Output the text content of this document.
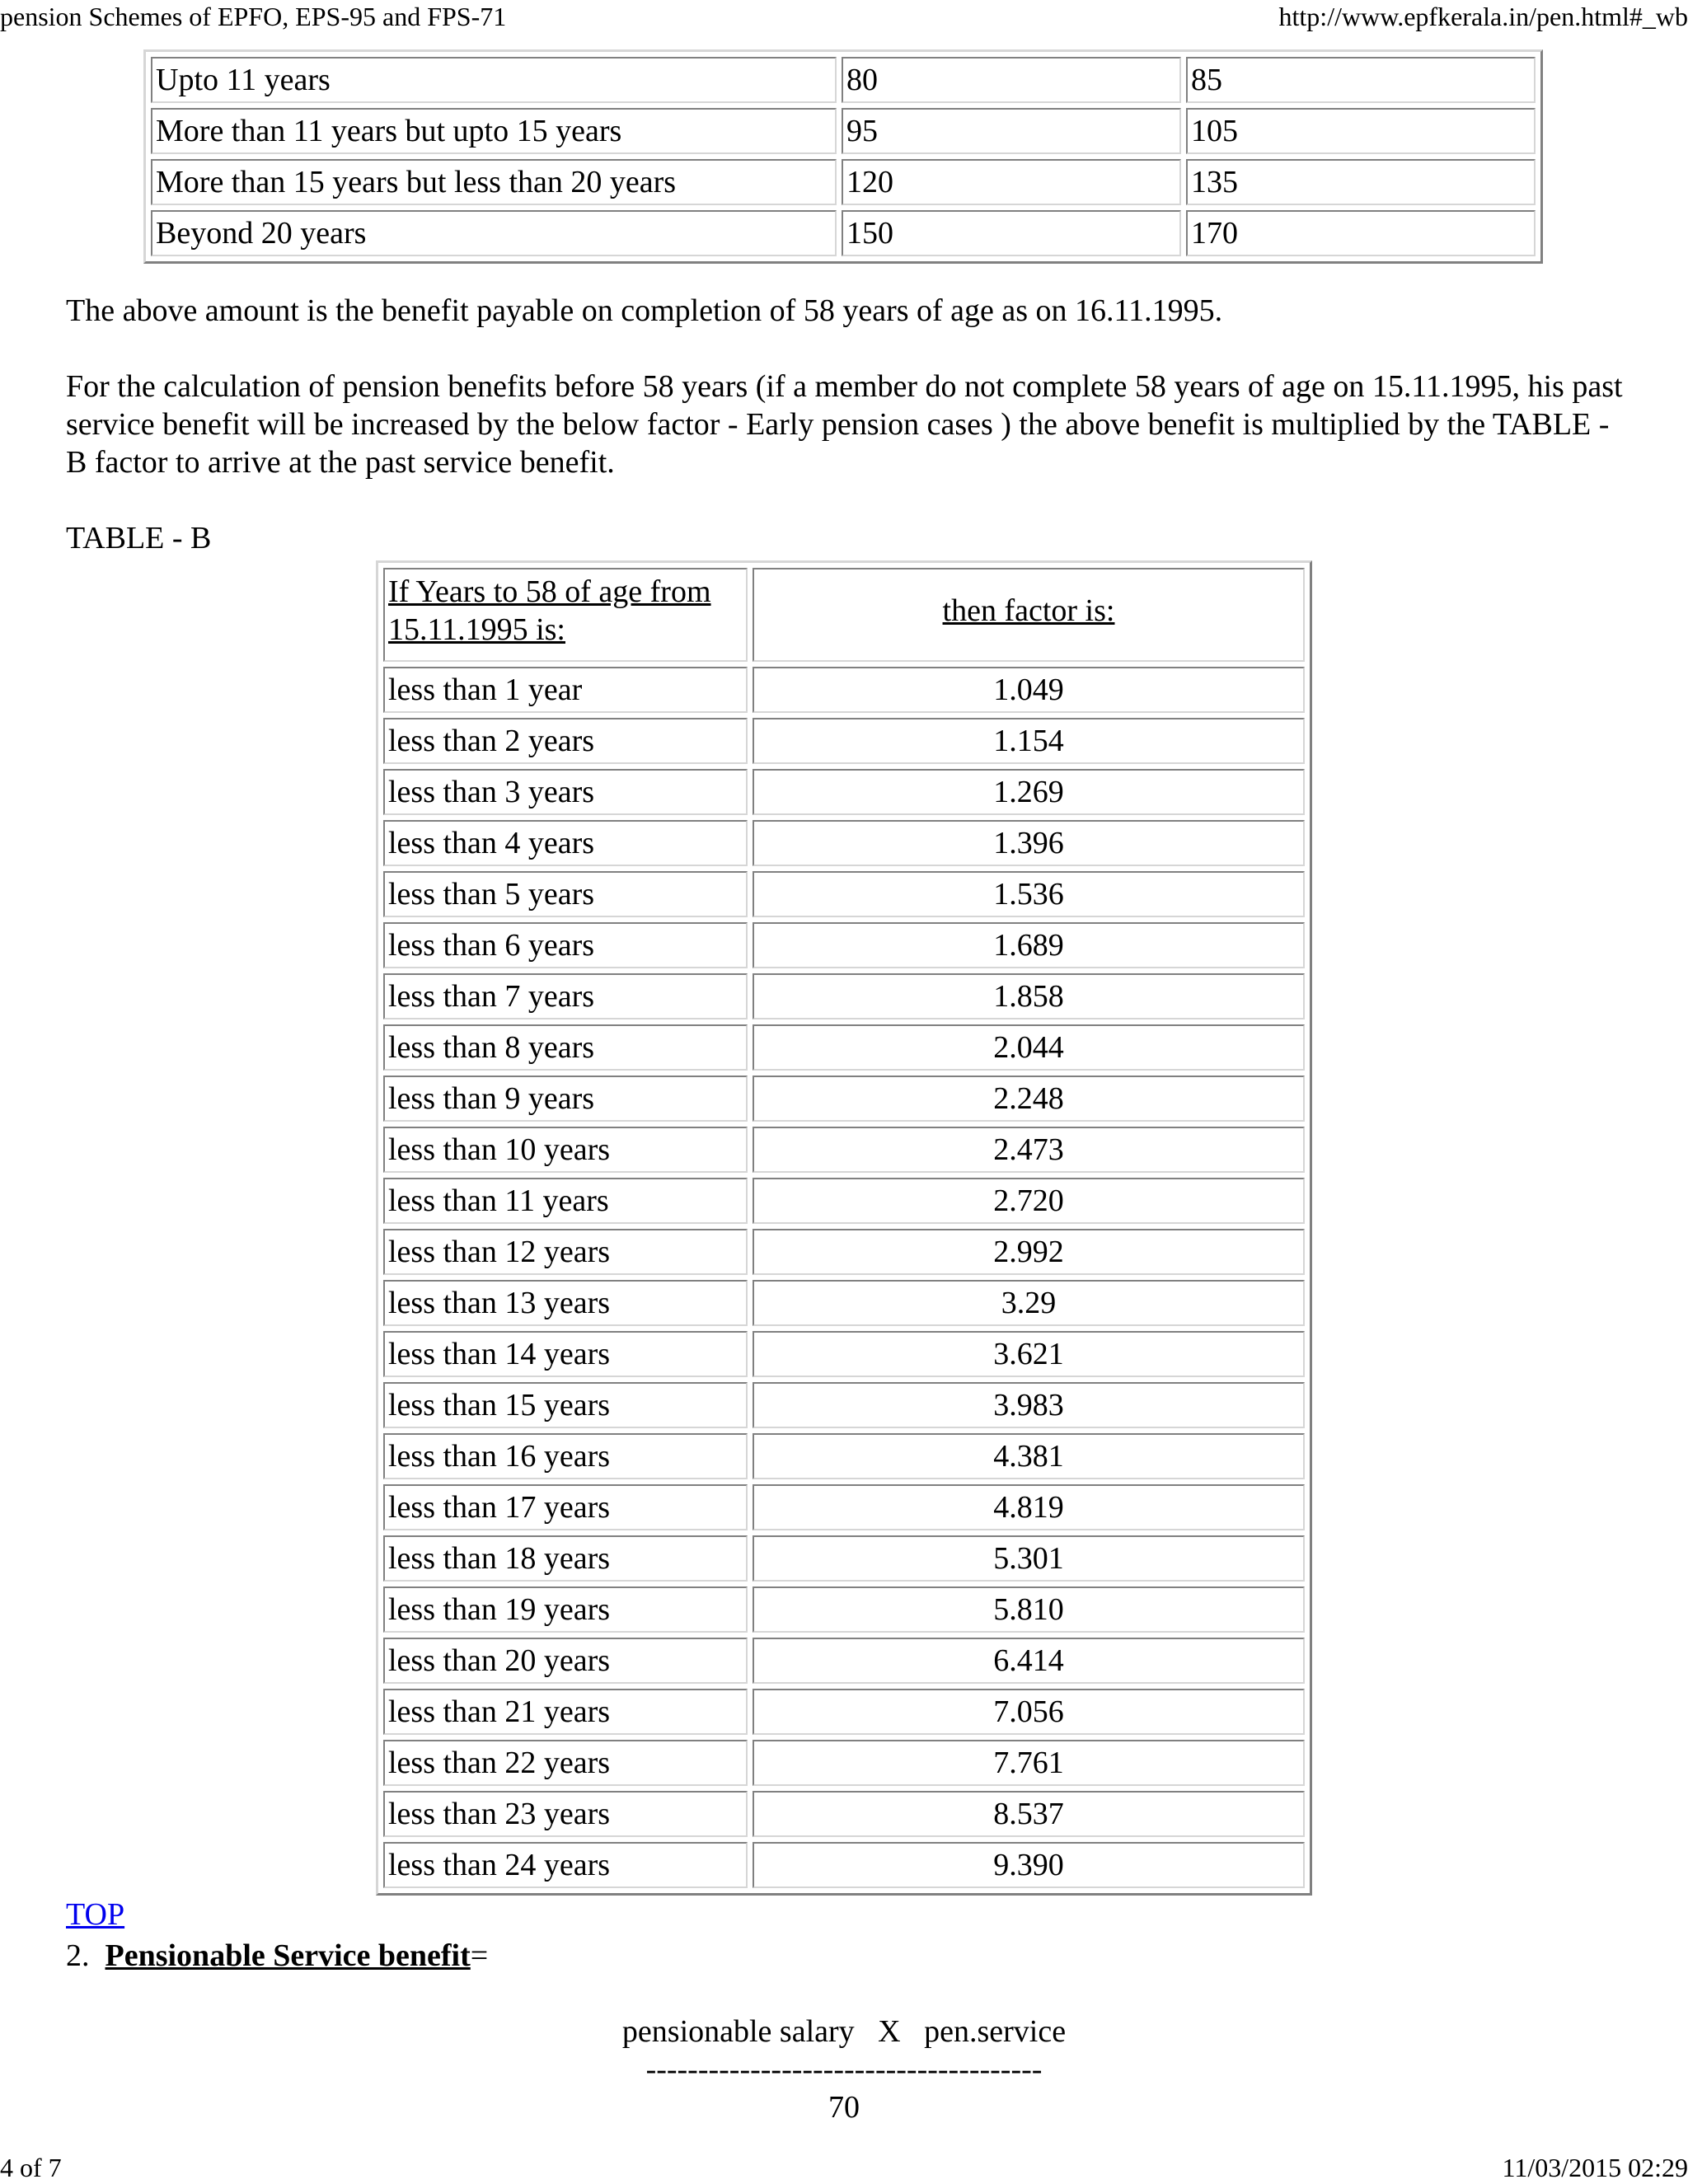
pension Schemes of EPFO, EPS-95 and FPS-71	http://www.epfkerala.in/pen.html#_wb
Upto 11 years	80	85
More than 11 years but upto 15 years	95	105
More than 15 years but less than 20 years	120	135
Beyond 20 years	150	170

The above amount is the benefit payable on completion of 58 years of age as on 16.11.1995.

For the calculation of pension benefits before 58 years (if a member do not complete 58 years of age on 15.11.1995, his past service benefit will be increased by the below factor - Early pension cases ) the above benefit is multiplied by the TABLE - B factor to arrive at the past service benefit.

TABLE - B

If Years to 58 of age from 15.11.1995 is:	then factor is:
less than 1 year	1.049
less than 2 years	1.154
less than 3 years	1.269
less than 4 years	1.396
less than 5 years	1.536
less than 6 years	1.689
less than 7 years	1.858
less than 8 years	2.044
less than 9 years	2.248
less than 10 years	2.473
less than 11 years	2.720
less than 12 years	2.992
less than 13 years	3.29
less than 14 years	3.621
less than 15 years	3.983
less than 16 years	4.381
less than 17 years	4.819
less than 18 years	5.301
less than 19 years	5.810
less than 20 years	6.414
less than 21 years	7.056
less than 22 years	7.761
less than 23 years	8.537
less than 24 years	9.390
TOP
2. Pensionable Service benefit=
pensionable salary   X   pen.service
--------------------------------------
70
4 of 7	11/03/2015 02:29
